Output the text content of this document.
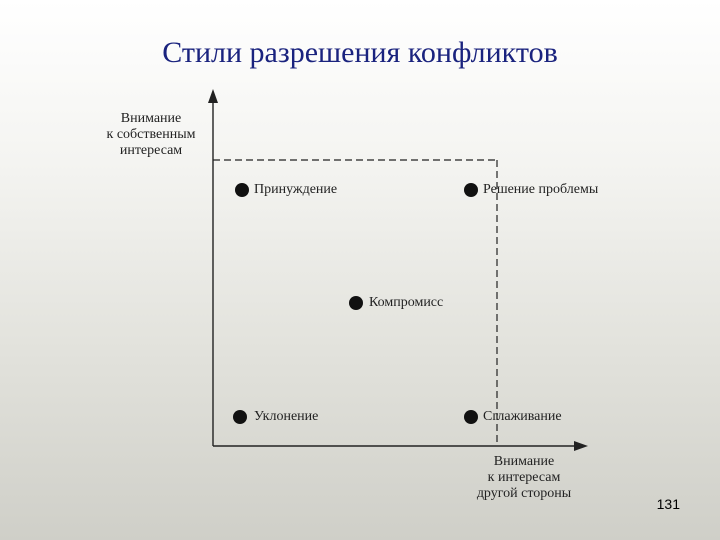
Стили разрешения конфликтов
Внимание
к собственным
интересам
Внимание
к интересам
другой стороны
Принуждение	Решение проблемы
Компромисс
Уклонение	Сглаживание
131
